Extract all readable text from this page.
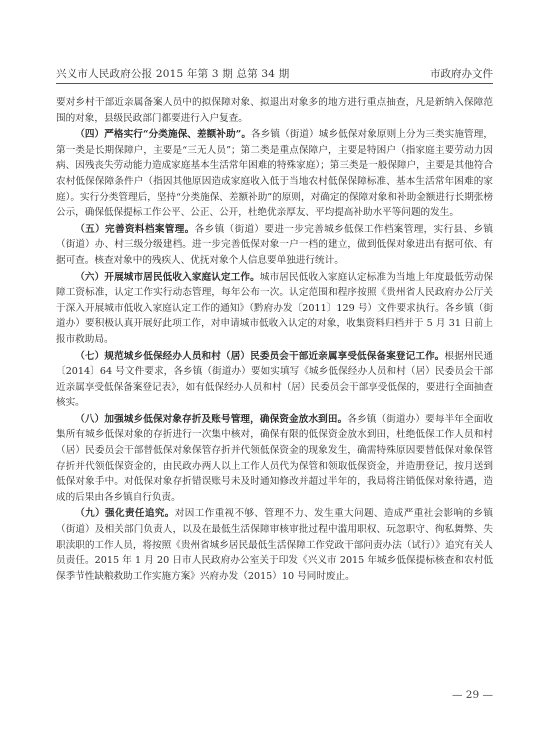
兴义市人民政府公报 2015 年第 3 期 总第 34 期	市政府办文件

要对乡村干部近亲属备案人员中的拟保障对象、拟退出对象多的地方进行重点抽查，凡是新纳入保障范围的对象，县级民政部门都要进行入户复查。

（四）严格实行“分类施保、差额补助”。各乡镇（街道）城乡低保对象原则上分为三类实施管理，第一类是长期保障户，主要是“三无人员”；第二类是重点保障户，主要是特困户（指家庭主要劳动力因病、因残丧失劳动能力造成家庭基本生活常年困难的特殊家庭）；第三类是一般保障户，主要是其他符合农村低保保障条件户（指因其他原因造成家庭收入低于当地农村低保保障标准、基本生活常年困难的家庭）。实行分类管理后，坚持“分类施保、差额补助”的原则，对确定的保障对象和补助金额进行长期张榜公示，确保低保提标工作公平、公正、公开，杜绝优亲厚友、平均提高补助水平等问题的发生。

（五）完善资料档案管理。各乡镇（街道）要进一步完善城乡低保工作档案管理，实行县、乡镇（街道）办、村三级分级建档。进一步完善低保对象一户一档的建立，做到低保对象进出有据可依、有据可查。核查对象中的残疾人、优抚对象个人信息要单独进行统计。

（六）开展城市居民低收入家庭认定工作。城市居民低收入家庭认定标准为当地上年度最低劳动保障工资标准，认定工作实行动态管理，每年公布一次。认定范围和程序按照《贵州省人民政府办公厅关于深入开展城市低收入家庭认定工作的通知》（黔府办发〔2011〕129 号）文件要求执行。各乡镇（街道办）要积极认真开展好此项工作，对申请城市低收入认定的对象，收集资料归档并于 5 月 31 日前上报市救助局。

（七）规范城乡低保经办人员和村（居）民委员会干部近亲属享受低保备案登记工作。根据州民通〔2014〕64 号文件要求，各乡镇（街道办）要如实填写《城乡低保经办人员和村（居）民委员会干部近亲属享受低保备案登记表》，如有低保经办人员和村（居）民委员会干部享受低保的，要进行全面抽查核实。

（八）加强城乡低保对象存折及账号管理，确保资金放水到田。各乡镇（街道办）要每半年全面收集所有城乡低保对象的存折进行一次集中核对，确保有限的低保资金放水到田，杜绝低保工作人员和村（居）民委员会干部替低保对象保管存折并代领低保资金的现象发生，确需特殊原因要替低保对象保管存折并代领低保资金的，由民政办两人以上工作人员代为保管和领取低保资金，并造册登记，按月送到低保对象手中。对低保对象存折错误账号未及时通知修改并超过半年的，我局将注销低保对象待遇，造成的后果由各乡镇自行负责。

（九）强化责任追究。对因工作重视不够、管理不力、发生重大问题、造成严重社会影响的乡镇（街道）及相关部门负责人，以及在最低生活保障审核审批过程中滥用职权、玩忽职守、徇私舞弊、失职渎职的工作人员，将按照《贵州省城乡居民最低生活保障工作党政干部问责办法（试行）》追究有关人员责任。2015 年 1 月 20 日市人民政府办公室关于印发《兴义市 2015 年城乡低保提标核查和农村低保季节性缺粮救助工作实施方案》兴府办发（2015）10 号同时废止。

— 29 —
